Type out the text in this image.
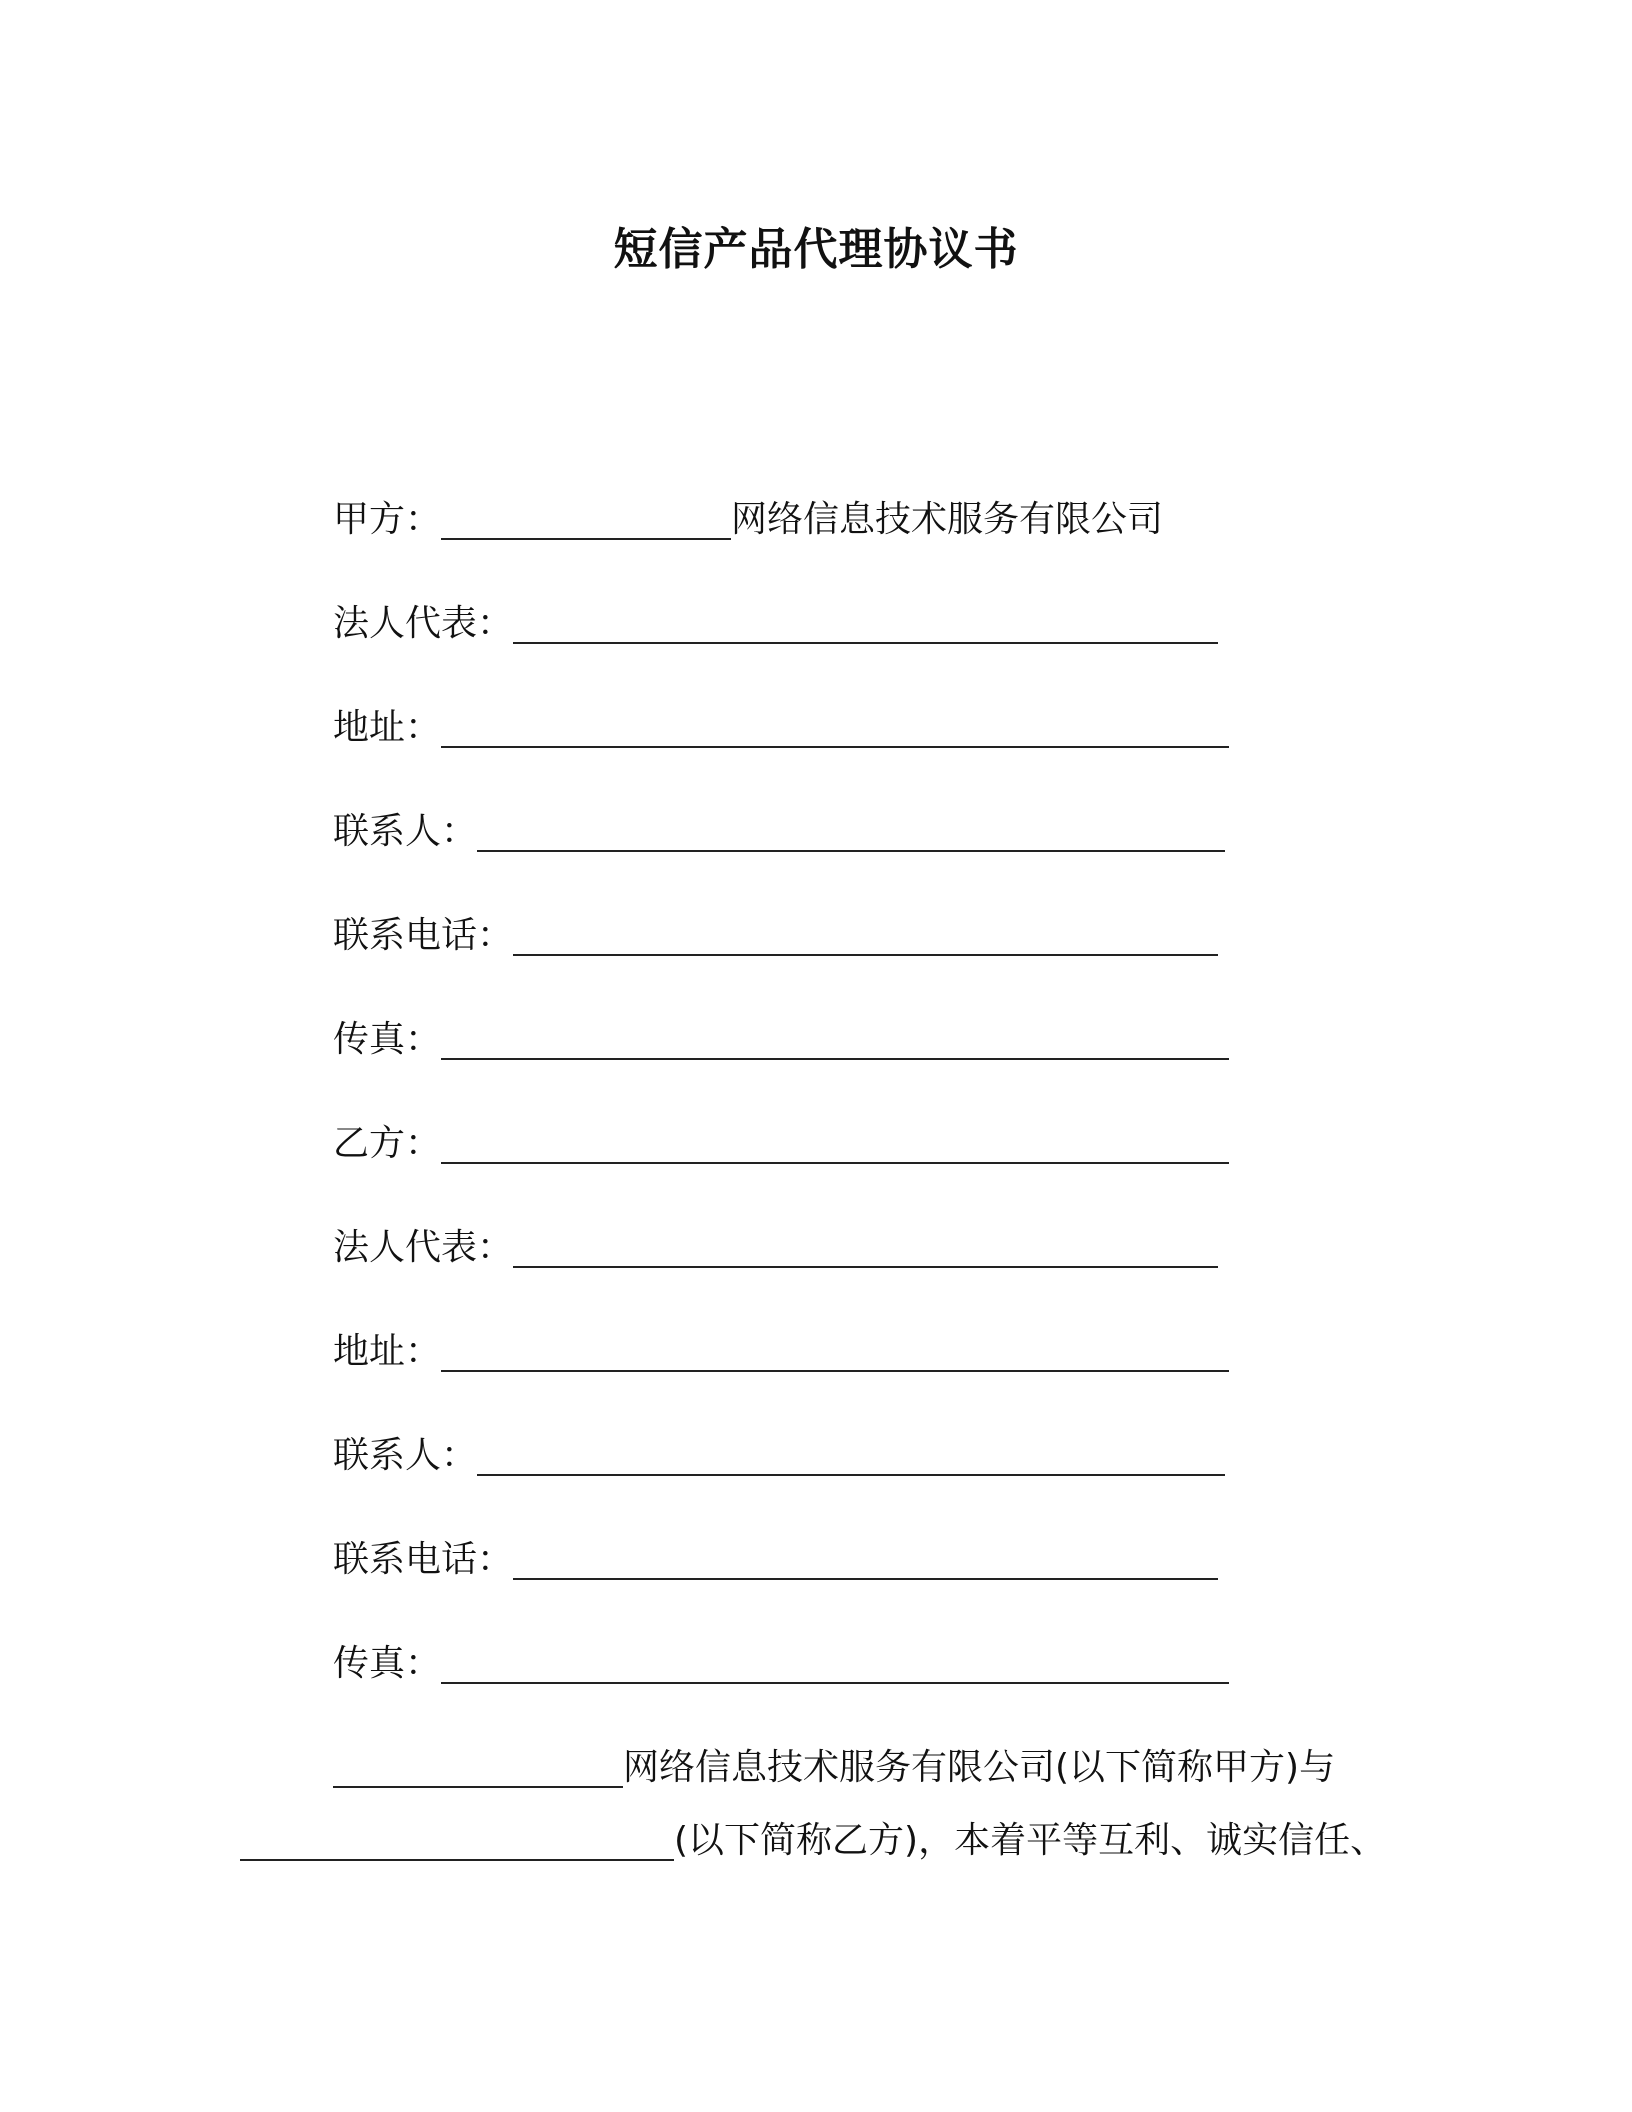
短信产品代理协议书
甲方：	网络信息技术服务有限公司
法人代表：
地址：
联系人：
联系电话：
传真：
乙方：
法人代表：
地址：
联系人：
联系电话：
传真：
网络信息技术服务有限公司(以下简称甲方)与
(以下简称乙方)，本着平等互利、诚实信任、
